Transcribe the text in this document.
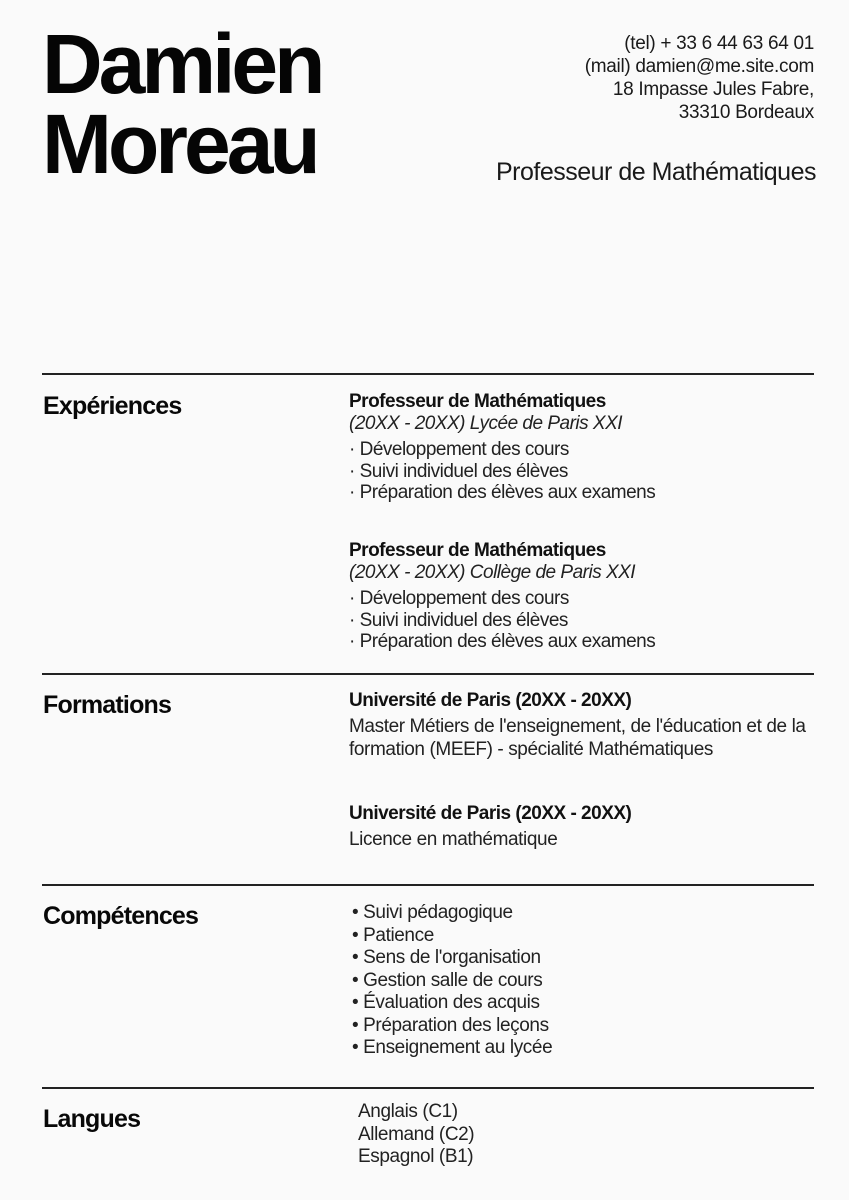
Damien
Moreau
(tel) + 33 6 44 63 64 01
(mail) damien@me.site.com
18 Impasse Jules Fabre,
33310 Bordeaux
Professeur de Mathématiques
Expériences	Professeur de Mathématiques
(20XX - 20XX) Lycée de Paris XXI
· Développement des cours
· Suivi individuel des élèves
· Préparation des élèves aux examens
Professeur de Mathématiques
(20XX - 20XX) Collège de Paris XXI
· Développement des cours
· Suivi individuel des élèves
· Préparation des élèves aux examens
Formations	Université de Paris (20XX - 20XX)
Master Métiers de l'enseignement, de l'éducation et de la formation (MEEF) - spécialité Mathématiques
Université de Paris (20XX - 20XX)
Licence en mathématique
Compétences	• Suivi pédagogique
• Patience
• Sens de l'organisation
• Gestion salle de cours
• Évaluation des acquis
• Préparation des leçons
• Enseignement au lycée
Langues	Anglais (C1)
Allemand (C2)
Espagnol (B1)
